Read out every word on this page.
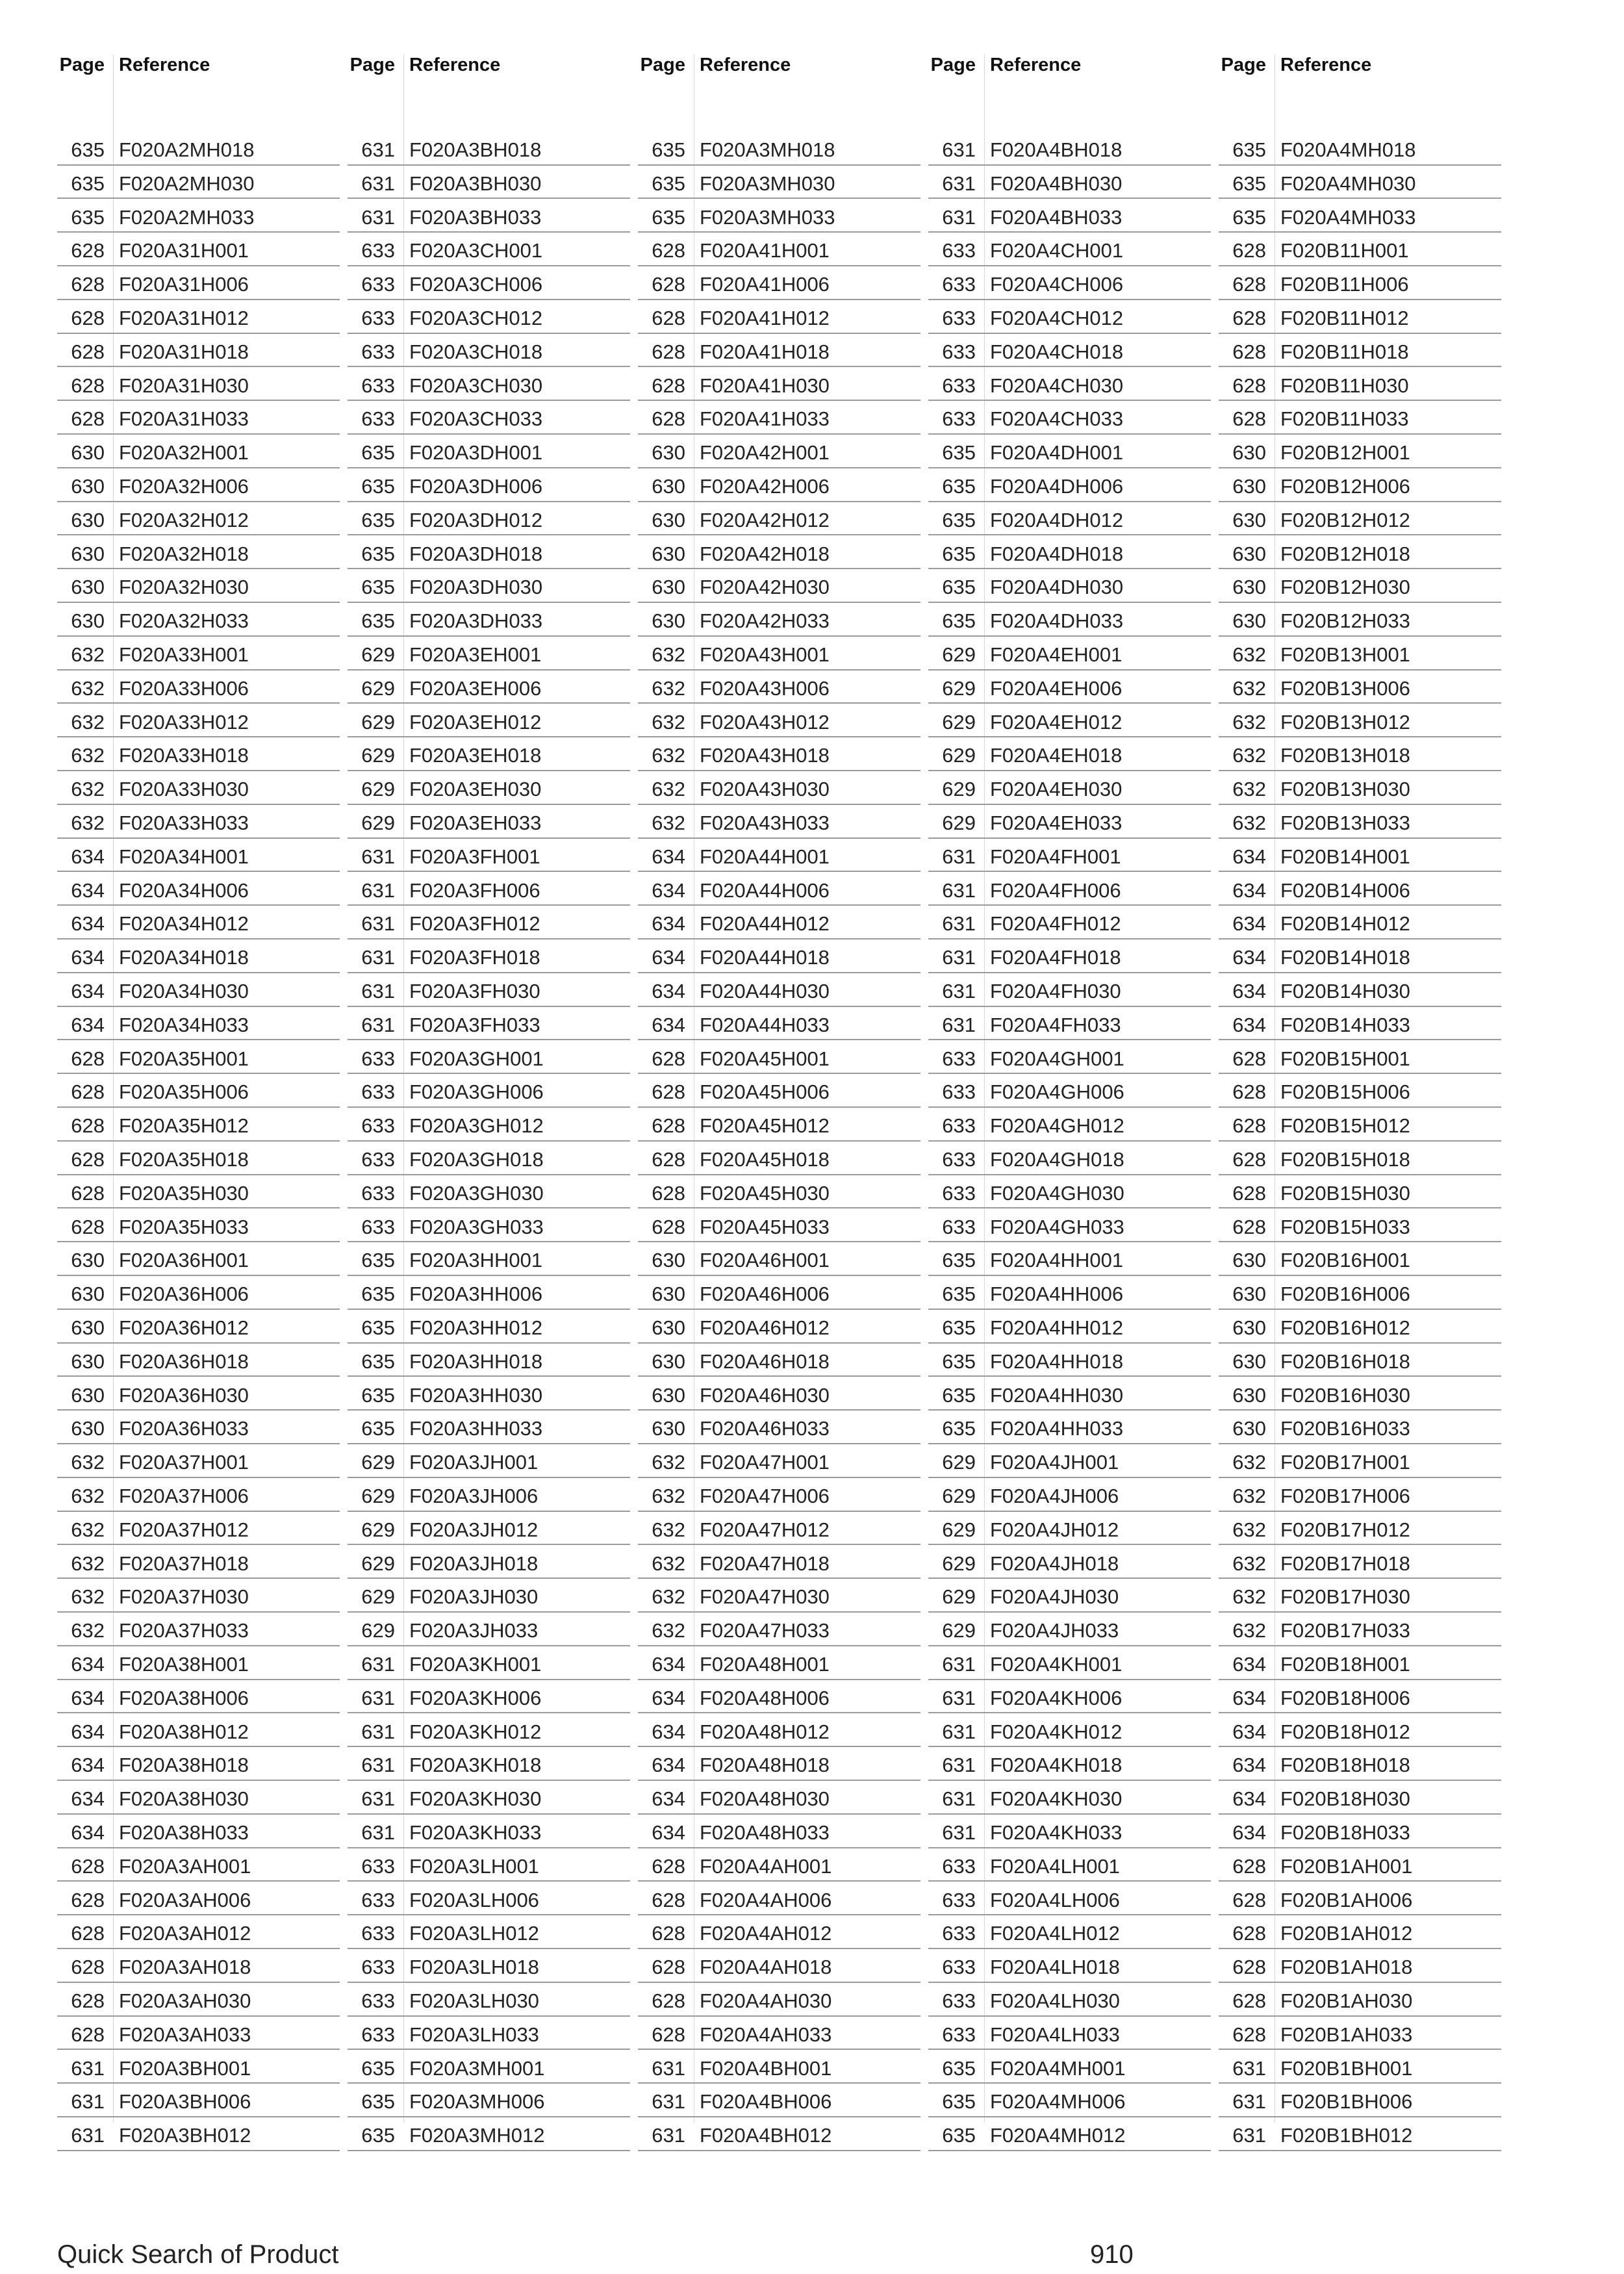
Page Reference	Page Reference	Page Reference	Page Reference	Page Reference
635 F020A2MH018	631 F020A3BH018	635 F020A3MH018	631 F020A4BH018	635 F020A4MH018
635 F020A2MH030	631 F020A3BH030	635 F020A3MH030	631 F020A4BH030	635 F020A4MH030
635 F020A2MH033	631 F020A3BH033	635 F020A3MH033	631 F020A4BH033	635 F020A4MH033
628 F020A31H001	633 F020A3CH001	628 F020A41H001	633 F020A4CH001	628 F020B11H001
628 F020A31H006	633 F020A3CH006	628 F020A41H006	633 F020A4CH006	628 F020B11H006
628 F020A31H012	633 F020A3CH012	628 F020A41H012	633 F020A4CH012	628 F020B11H012
628 F020A31H018	633 F020A3CH018	628 F020A41H018	633 F020A4CH018	628 F020B11H018
628 F020A31H030	633 F020A3CH030	628 F020A41H030	633 F020A4CH030	628 F020B11H030
628 F020A31H033	633 F020A3CH033	628 F020A41H033	633 F020A4CH033	628 F020B11H033
630 F020A32H001	635 F020A3DH001	630 F020A42H001	635 F020A4DH001	630 F020B12H001
630 F020A32H006	635 F020A3DH006	630 F020A42H006	635 F020A4DH006	630 F020B12H006
630 F020A32H012	635 F020A3DH012	630 F020A42H012	635 F020A4DH012	630 F020B12H012
630 F020A32H018	635 F020A3DH018	630 F020A42H018	635 F020A4DH018	630 F020B12H018
630 F020A32H030	635 F020A3DH030	630 F020A42H030	635 F020A4DH030	630 F020B12H030
630 F020A32H033	635 F020A3DH033	630 F020A42H033	635 F020A4DH033	630 F020B12H033
632 F020A33H001	629 F020A3EH001	632 F020A43H001	629 F020A4EH001	632 F020B13H001
632 F020A33H006	629 F020A3EH006	632 F020A43H006	629 F020A4EH006	632 F020B13H006
632 F020A33H012	629 F020A3EH012	632 F020A43H012	629 F020A4EH012	632 F020B13H012
632 F020A33H018	629 F020A3EH018	632 F020A43H018	629 F020A4EH018	632 F020B13H018
632 F020A33H030	629 F020A3EH030	632 F020A43H030	629 F020A4EH030	632 F020B13H030
632 F020A33H033	629 F020A3EH033	632 F020A43H033	629 F020A4EH033	632 F020B13H033
634 F020A34H001	631 F020A3FH001	634 F020A44H001	631 F020A4FH001	634 F020B14H001
634 F020A34H006	631 F020A3FH006	634 F020A44H006	631 F020A4FH006	634 F020B14H006
634 F020A34H012	631 F020A3FH012	634 F020A44H012	631 F020A4FH012	634 F020B14H012
634 F020A34H018	631 F020A3FH018	634 F020A44H018	631 F020A4FH018	634 F020B14H018
634 F020A34H030	631 F020A3FH030	634 F020A44H030	631 F020A4FH030	634 F020B14H030
634 F020A34H033	631 F020A3FH033	634 F020A44H033	631 F020A4FH033	634 F020B14H033
628 F020A35H001	633 F020A3GH001	628 F020A45H001	633 F020A4GH001	628 F020B15H001
628 F020A35H006	633 F020A3GH006	628 F020A45H006	633 F020A4GH006	628 F020B15H006
628 F020A35H012	633 F020A3GH012	628 F020A45H012	633 F020A4GH012	628 F020B15H012
628 F020A35H018	633 F020A3GH018	628 F020A45H018	633 F020A4GH018	628 F020B15H018
628 F020A35H030	633 F020A3GH030	628 F020A45H030	633 F020A4GH030	628 F020B15H030
628 F020A35H033	633 F020A3GH033	628 F020A45H033	633 F020A4GH033	628 F020B15H033
630 F020A36H001	635 F020A3HH001	630 F020A46H001	635 F020A4HH001	630 F020B16H001
630 F020A36H006	635 F020A3HH006	630 F020A46H006	635 F020A4HH006	630 F020B16H006
630 F020A36H012	635 F020A3HH012	630 F020A46H012	635 F020A4HH012	630 F020B16H012
630 F020A36H018	635 F020A3HH018	630 F020A46H018	635 F020A4HH018	630 F020B16H018
630 F020A36H030	635 F020A3HH030	630 F020A46H030	635 F020A4HH030	630 F020B16H030
630 F020A36H033	635 F020A3HH033	630 F020A46H033	635 F020A4HH033	630 F020B16H033
632 F020A37H001	629 F020A3JH001	632 F020A47H001	629 F020A4JH001	632 F020B17H001
632 F020A37H006	629 F020A3JH006	632 F020A47H006	629 F020A4JH006	632 F020B17H006
632 F020A37H012	629 F020A3JH012	632 F020A47H012	629 F020A4JH012	632 F020B17H012
632 F020A37H018	629 F020A3JH018	632 F020A47H018	629 F020A4JH018	632 F020B17H018
632 F020A37H030	629 F020A3JH030	632 F020A47H030	629 F020A4JH030	632 F020B17H030
632 F020A37H033	629 F020A3JH033	632 F020A47H033	629 F020A4JH033	632 F020B17H033
634 F020A38H001	631 F020A3KH001	634 F020A48H001	631 F020A4KH001	634 F020B18H001
634 F020A38H006	631 F020A3KH006	634 F020A48H006	631 F020A4KH006	634 F020B18H006
634 F020A38H012	631 F020A3KH012	634 F020A48H012	631 F020A4KH012	634 F020B18H012
634 F020A38H018	631 F020A3KH018	634 F020A48H018	631 F020A4KH018	634 F020B18H018
634 F020A38H030	631 F020A3KH030	634 F020A48H030	631 F020A4KH030	634 F020B18H030
634 F020A38H033	631 F020A3KH033	634 F020A48H033	631 F020A4KH033	634 F020B18H033
628 F020A3AH001	633 F020A3LH001	628 F020A4AH001	633 F020A4LH001	628 F020B1AH001
628 F020A3AH006	633 F020A3LH006	628 F020A4AH006	633 F020A4LH006	628 F020B1AH006
628 F020A3AH012	633 F020A3LH012	628 F020A4AH012	633 F020A4LH012	628 F020B1AH012
628 F020A3AH018	633 F020A3LH018	628 F020A4AH018	633 F020A4LH018	628 F020B1AH018
628 F020A3AH030	633 F020A3LH030	628 F020A4AH030	633 F020A4LH030	628 F020B1AH030
628 F020A3AH033	633 F020A3LH033	628 F020A4AH033	633 F020A4LH033	628 F020B1AH033
631 F020A3BH001	635 F020A3MH001	631 F020A4BH001	635 F020A4MH001	631 F020B1BH001
631 F020A3BH006	635 F020A3MH006	631 F020A4BH006	635 F020A4MH006	631 F020B1BH006
631 F020A3BH012	635 F020A3MH012	631 F020A4BH012	635 F020A4MH012	631 F020B1BH012
Quick Search of Product	910
